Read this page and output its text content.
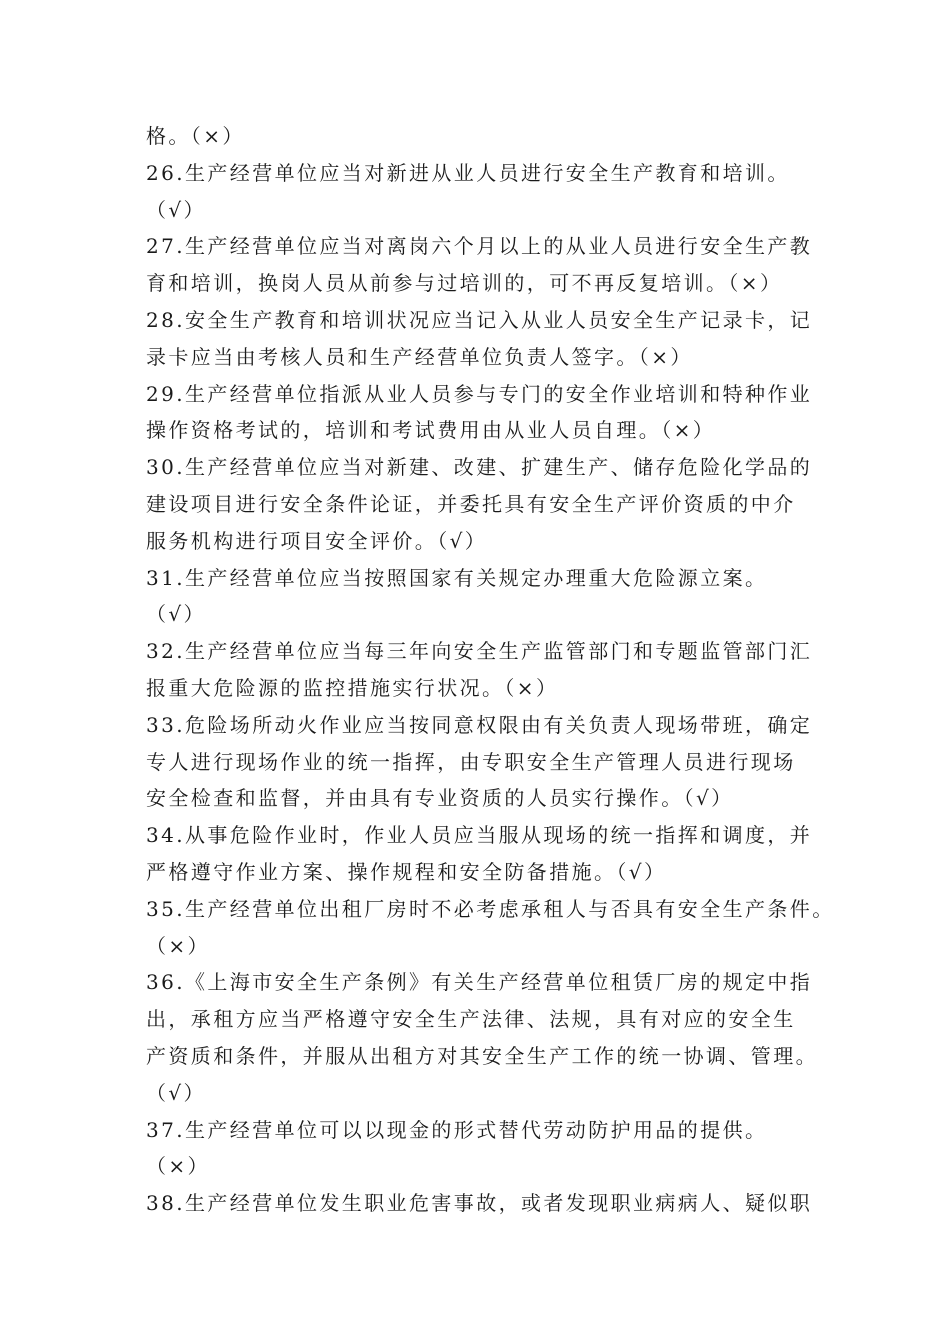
格。（×）
26.生产经营单位应当对新进从业人员进行安全生产教育和培训。
（√）
27.生产经营单位应当对离岗六个月以上的从业人员进行安全生产教
育和培训，换岗人员从前参与过培训的，可不再反复培训。（×）
28.安全生产教育和培训状况应当记入从业人员安全生产记录卡，记
录卡应当由考核人员和生产经营单位负责人签字。（×）
29.生产经营单位指派从业人员参与专门的安全作业培训和特种作业
操作资格考试的，培训和考试费用由从业人员自理。（×）
30.生产经营单位应当对新建、改建、扩建生产、储存危险化学品的
建设项目进行安全条件论证，并委托具有安全生产评价资质的中介
服务机构进行项目安全评价。（√）
31.生产经营单位应当按照国家有关规定办理重大危险源立案。
（√）
32.生产经营单位应当每三年向安全生产监管部门和专题监管部门汇
报重大危险源的监控措施实行状况。（×）
33.危险场所动火作业应当按同意权限由有关负责人现场带班，确定
专人进行现场作业的统一指挥，由专职安全生产管理人员进行现场
安全检查和监督，并由具有专业资质的人员实行操作。（√）
34.从事危险作业时，作业人员应当服从现场的统一指挥和调度，并
严格遵守作业方案、操作规程和安全防备措施。（√）
35.生产经营单位出租厂房时不必考虑承租人与否具有安全生产条件。
（×）
36.《上海市安全生产条例》有关生产经营单位租赁厂房的规定中指
出，承租方应当严格遵守安全生产法律、法规，具有对应的安全生
产资质和条件，并服从出租方对其安全生产工作的统一协调、管理。
（√）
37.生产经营单位可以以现金的形式替代劳动防护用品的提供。
（×）
38.生产经营单位发生职业危害事故，或者发现职业病病人、疑似职
